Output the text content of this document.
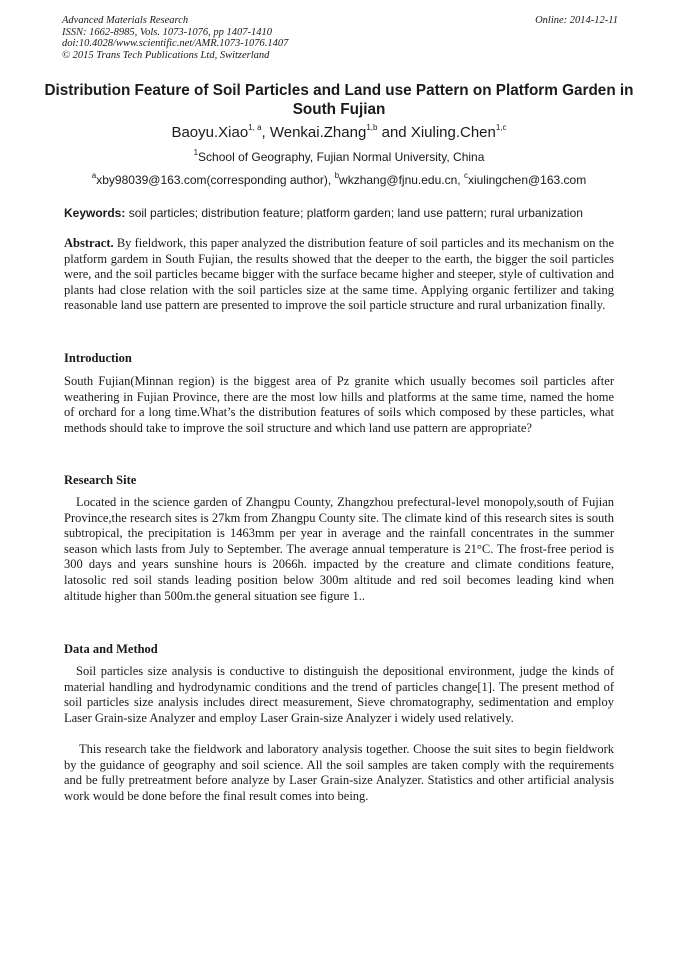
Advanced Materials Research
ISSN: 1662-8985, Vols. 1073-1076, pp 1407-1410
doi:10.4028/www.scientific.net/AMR.1073-1076.1407
© 2015 Trans Tech Publications Ltd, Switzerland
Online: 2014-12-11
Distribution Feature of Soil Particles and Land use Pattern on Platform Garden in South Fujian
Baoyu.Xiao$^{1, a}$, Wenkai.Zhang$^{1,b}$ and Xiuling.Chen$^{1,c}$
$^1$School of Geography, Fujian Normal University, China
$^a$xby98039@163.com(corresponding author), $^b$wkzhang@fjnu.edu.cn, $^c$xiulingchen@163.com
Keywords: soil particles; distribution feature; platform garden; land use pattern; rural urbanization

Abstract. By fieldwork, this paper analyzed the distribution feature of soil particles and its mechanism on the platform gardem in South Fujian, the results showed that the deeper to the earth, the bigger the soil particles were, and the soil particles became bigger with the surface became higher and steeper, style of cultivation and plants had close relation with the soil particles size at the same time. Applying organic fertilizer and taking reasonable land use pattern are presented to improve the soil particle structure and rural urbanization finally.

Introduction

South Fujian(Minnan region) is the biggest area of Pz granite which usually becomes soil particles after weathering in Fujian Province, there are the most low hills and platforms at the same time, named the home of orchard for a long time.What’s the distribution features of soils which composed by these particles, what methods should take to improve the soil structure and which land use pattern are appropriate?

Research Site

Located in the science garden of Zhangpu County, Zhangzhou prefectural-level monopoly,south of Fujian Province,the research sites is 27km from Zhangpu County site. The climate kind of this research sites is south subtropical, the precipitation is 1463mm per year in average and the rainfall concentrates in the summer season which lasts from July to September. The average annual temperature is 21°C. The frost-free period is 300 days and years sunshine hours is 2066h. impacted by the creature and climate conditions feature, latosolic red soil stands leading position below 300m altitude and red soil becomes leading kind when altitude higher than 500m.the general situation see figure 1..

Data and Method

Soil particles size analysis is conductive to distinguish the depositional environment, judge the kinds of material handling and hydrodynamic conditions and the trend of particles change[1]. The present method of soil particles size analysis includes direct measurement, Sieve chromatography, sedimentation and employ Laser Grain-size Analyzer and employ Laser Grain-size Analyzer i widely used relatively.

This research take the fieldwork and laboratory analysis together. Choose the suit sites to begin fieldwork by the guidance of geography and soil science. All the soil samples are taken comply with the requirements and be fully pretreatment before analyze by Laser Grain-size Analyzer. Statistics and other artificial analysis work would be done before the final result comes into being.
